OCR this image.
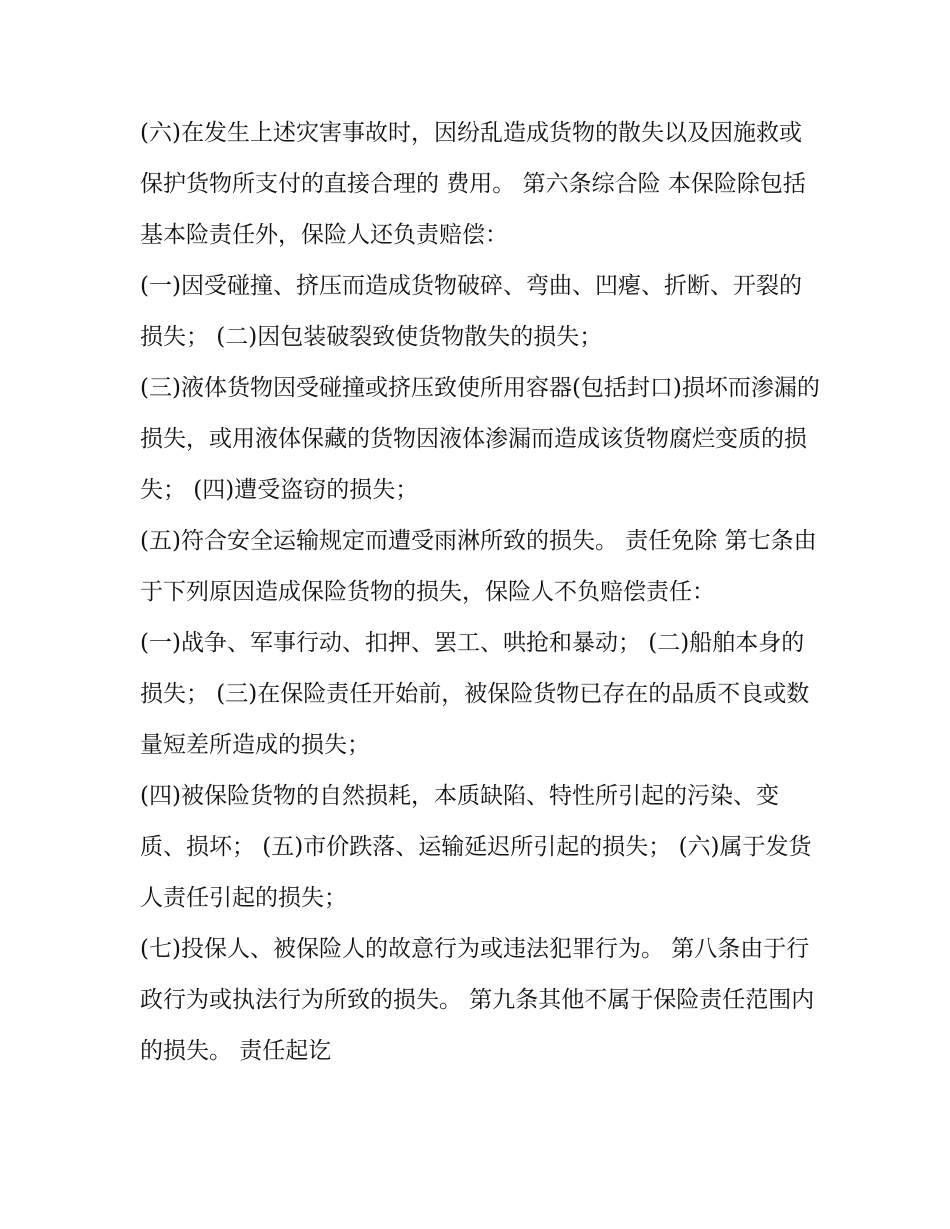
(六)在发生上述灾害事故时，因纷乱造成货物的散失以及因施救或保护货物所支付的直接合理的 费用。 第六条综合险 本保险除包括基本险责任外，保险人还负责赔偿：

(一)因受碰撞、挤压而造成货物破碎、弯曲、凹瘪、折断、开裂的损失； (二)因包装破裂致使货物散失的损失；

(三)液体货物因受碰撞或挤压致使所用容器(包括封口)损坏而渗漏的损失，或用液体保藏的货物因液体渗漏而造成该货物腐烂变质的损失； (四)遭受盗窃的损失；

(五)符合安全运输规定而遭受雨淋所致的损失。 责任免除 第七条由于下列原因造成保险货物的损失，保险人不负赔偿责任：

(一)战争、军事行动、扣押、罢工、哄抢和暴动； (二)船舶本身的损失； (三)在保险责任开始前，被保险货物已存在的品质不良或数量短差所造成的损失；

(四)被保险货物的自然损耗，本质缺陷、特性所引起的污染、变质、损坏； (五)市价跌落、运输延迟所引起的损失； (六)属于发货人责任引起的损失；

(七)投保人、被保险人的故意行为或违法犯罪行为。 第八条由于行政行为或执法行为所致的损失。 第九条其他不属于保险责任范围内的损失。 责任起讫
